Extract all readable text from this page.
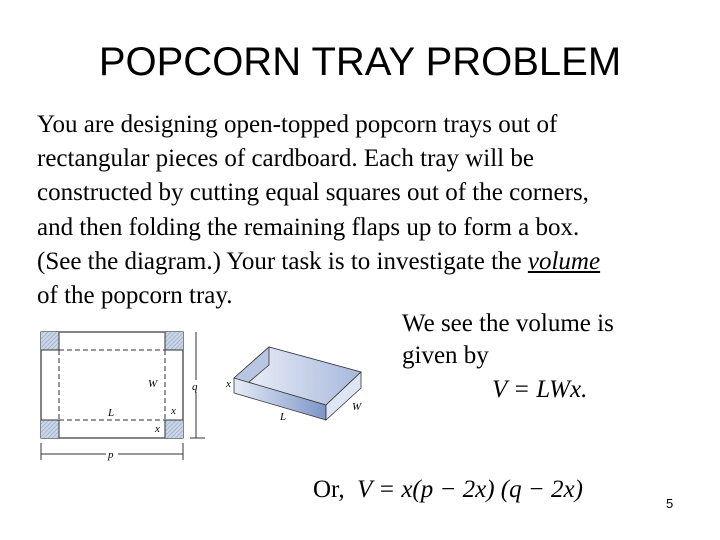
POPCORN TRAY PROBLEM
You are designing open-topped popcorn trays out of
rectangular pieces of cardboard. Each tray will be
constructed by cutting equal squares out of the corners,
and then folding the remaining flaps up to form a box.
(See the diagram.) Your task is to investigate the volume
of the popcorn tray.
We see the volume is
given by
V = LWx.
Or, V = x(p − 2x) (q − 2x)
W
L	x
x
q
p
x
L
W
5
